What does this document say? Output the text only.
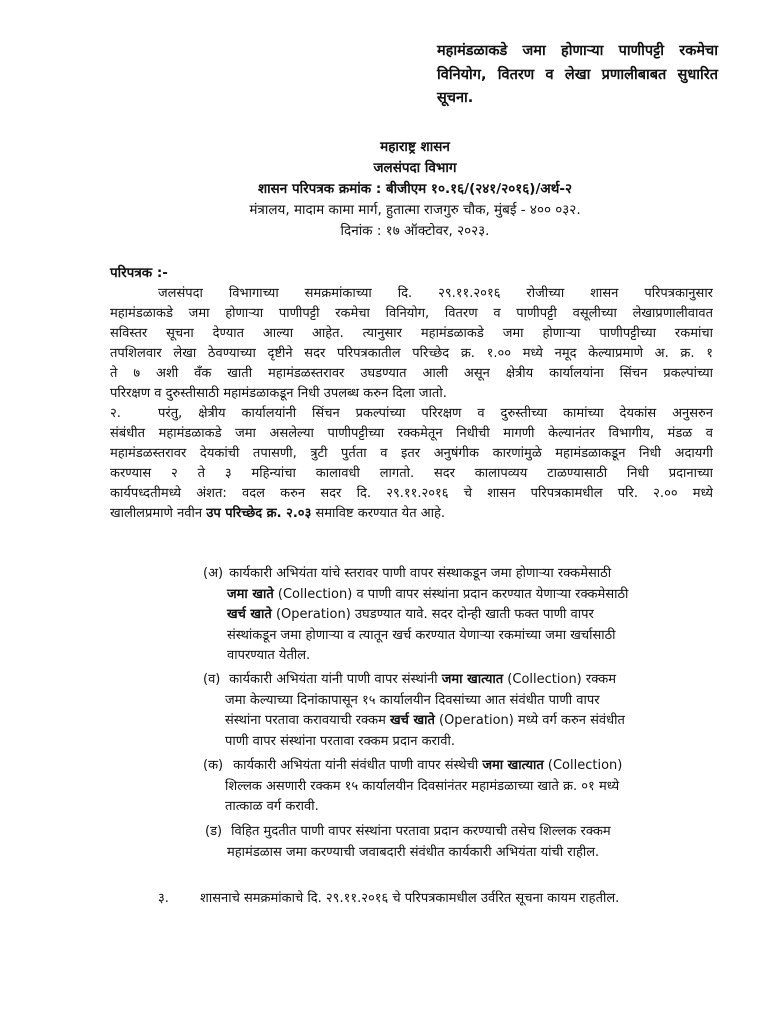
महामंडळाकडे जमा होणाऱ्या पाणीपट्टी रकमेचा
विनियोग, वितरण व लेखा प्रणालीबाबत सुधारित
सूचना.
महाराष्ट्र शासन
जलसंपदा विभाग
शासन परिपत्रक क्रमांक : बीजीएम १०.१६/(२४१/२०१६)/अर्थ-२
मंत्रालय, मादाम कामा मार्ग, हुतात्मा राजगुरु चौक, मुंबई - ४०० ०३२.
दिनांक : १७ ऑक्टोवर, २०२३.
परिपत्रक :-
जलसंपदा विभागाच्या समक्रमांकाच्या दि. २९.११.२०१६ रोजीच्या शासन परिपत्रकानुसार
महामंडळाकडे जमा होणाऱ्या पाणीपट्टी रकमेचा विनियोग, वितरण व पाणीपट्टी वसूलीच्या लेखाप्रणालीवावत
सविस्तर सूचना देण्यात आल्या आहेत. त्यानुसार महामंडळाकडे जमा होणाऱ्या पाणीपट्टीच्या रकमांचा
तपशिलवार लेखा ठेवण्याच्या दृष्टीने सदर परिपत्रकातील परिच्छेद क्र. १.०० मध्ये नमूद केल्याप्रमाणे अ. क्र. १
ते ७ अशी वँक खाती महामंडळस्तरावर उघडण्यात आली असून क्षेत्रीय कार्यालयांना सिंचन प्रकल्पांच्या
परिरक्षण व दुरुस्तीसाठी महामंडळाकडून निधी उपलब्ध करुन दिला जातो.
२.	परंतु, क्षेत्रीय कार्यालयांनी सिंचन प्रकल्पांच्या परिरक्षण व दुरुस्तीच्या कामांच्या देयकांस अनुसरुन
संबंधीत महामंडळाकडे जमा असलेल्या पाणीपट्टीच्या रक्कमेतून निधीची मागणी केल्यानंतर विभागीय, मंडळ व
महामंडळस्तरावर देयकांची तपासणी, त्रुटी पुर्तता व इतर अनुषंगीक कारणांमुळे महामंडळाकडून निधी अदायगी
करण्यास २ ते ३ महिन्यांचा कालावधी लागतो. सदर कालापव्यय टाळण्यासाठी निधी प्रदानाच्या
कार्यपध्दतीमध्ये अंशत: वदल करुन सदर दि. २९.११.२०१६ चे शासन परिपत्रकामधील परि. २.०० मध्ये
खालीलप्रमाणे नवीन उप परिच्छेद क्र. २.०३ समाविष्ट करण्यात येत आहे.
(अ) कार्यकारी अभियंता यांचे स्तरावर पाणी वापर संस्थाकडून जमा होणाऱ्या रक्कमेसाठी
जमा खाते (Collection) व पाणी वापर संस्थांना प्रदान करण्यात येणाऱ्या रक्कमेसाठी
खर्च खाते (Operation) उघडण्यात यावे. सदर दोन्ही खाती फक्त पाणी वापर
संस्थांकडून जमा होणाऱ्या व त्यातून खर्च करण्यात येणाऱ्या रकमांच्या जमा खर्चासाठी
वापरण्यात येतील.
(व) कार्यकारी अभियंता यांनी पाणी वापर संस्थांनी जमा खात्यात (Collection) रक्कम
जमा केल्याच्या दिनांकापासून १५ कार्यालयीन दिवसांच्या आत संवंधीत पाणी वापर
संस्थांना परतावा करावयाची रक्कम खर्च खाते (Operation) मध्ये वर्ग करुन संवंधीत
पाणी वापर संस्थांना परतावा रक्कम प्रदान करावी.
(क) कार्यकारी अभियंता यांनी संवंधीत पाणी वापर संस्थेची जमा खात्यात (Collection)
शिल्लक असणारी रक्कम १५ कार्यालयीन दिवसांनंतर महामंडळाच्या खाते क्र. ०१ मध्ये
तात्काळ वर्ग करावी.
(ड) विहित मुदतीत पाणी वापर संस्थांना परतावा प्रदान करण्याची तसेच शिल्लक रक्कम
महामंडळास जमा करण्याची जवाबदारी संवंधीत कार्यकारी अभियंता यांची राहील.
३. शासनाचे समक्रमांकाचे दि. २९.११.२०१६ चे परिपत्रकामधील उर्वरित सूचना कायम राहतील.
